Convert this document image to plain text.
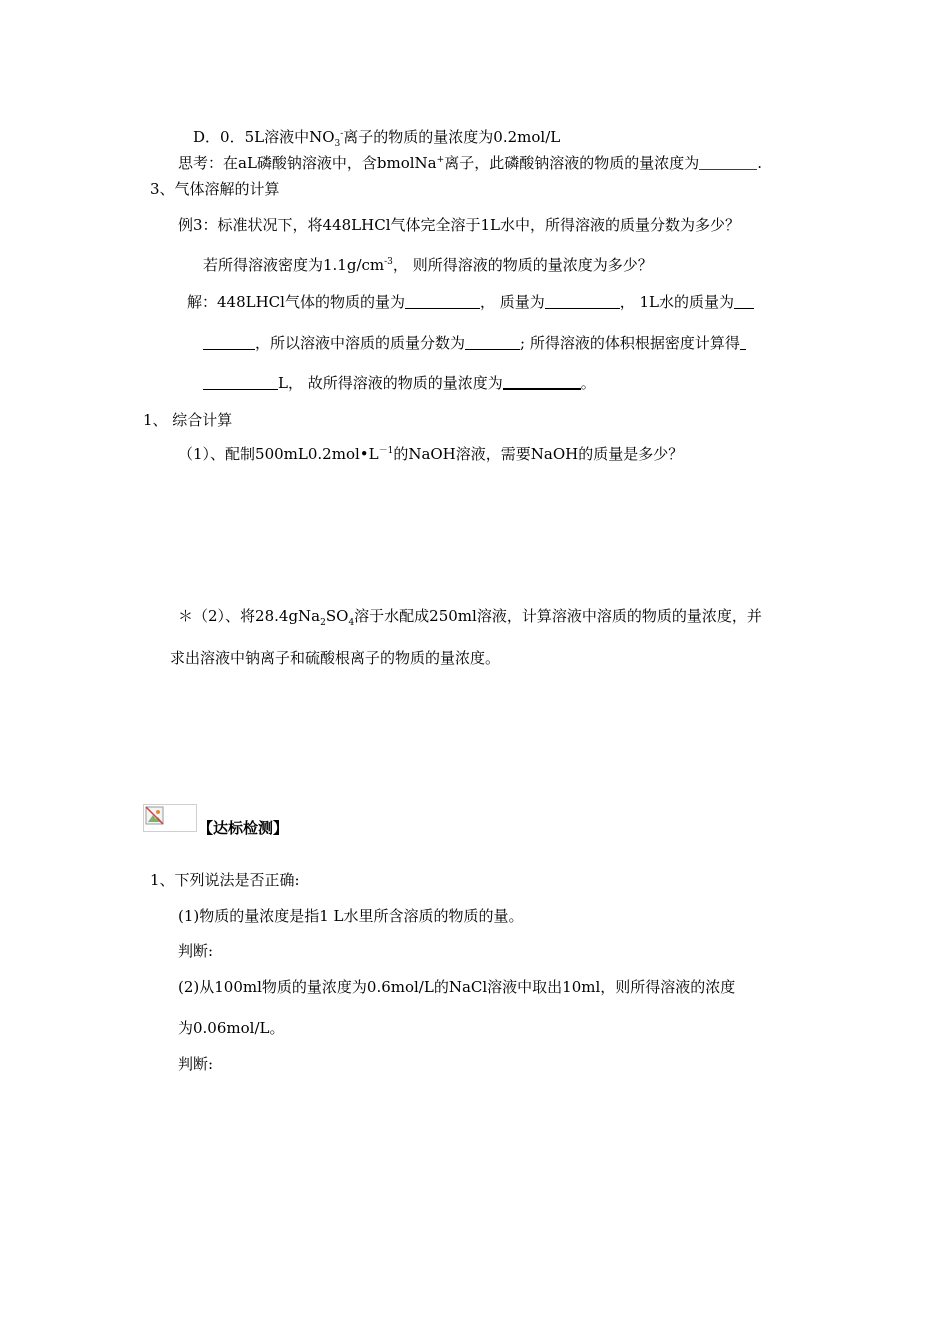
D．0．5L溶液中$NO_3^-$离子的物质的量浓度为0.2mol/L
思考：在aL磷酸钠溶液中，含bmolNa+离子，此磷酸钠溶液的物质的量浓度为	.
3、气体溶解的计算
例3：标准状况下，将448LHCl气体完全溶于1L水中，所得溶液的质量分数为多少？
若所得溶液密度为$1.1g/cm^{-3}$， 则所得溶液的物质的量浓度为多少？
解：448LHCl气体的物质的量为	， 质量为	， 1L水的质量为
，所以溶液中溶质的质量分数为	; 所得溶液的体积根据密度计算得
L， 故所得溶液的物质的量浓度为	。
1、 综合计算
（1）、配制$500mL0.2mol•L^{-1}$的NaOH溶液，需要NaOH的质量是多少？
＊（2）、将$28.4gNa_2SO_4$溶于水配成250ml溶液，计算溶液中溶质的物质的量浓度，并
求出溶液中钠离子和硫酸根离子的物质的量浓度。
【达标检测】
1、下列说法是否正确:
(1)物质的量浓度是指1 L水里所含溶质的物质的量。
判断:
(2)从100ml物质的量浓度为0.6mol/L的NaCl溶液中取出10ml，则所得溶液的浓度
为0.06mol/L。
判断:
